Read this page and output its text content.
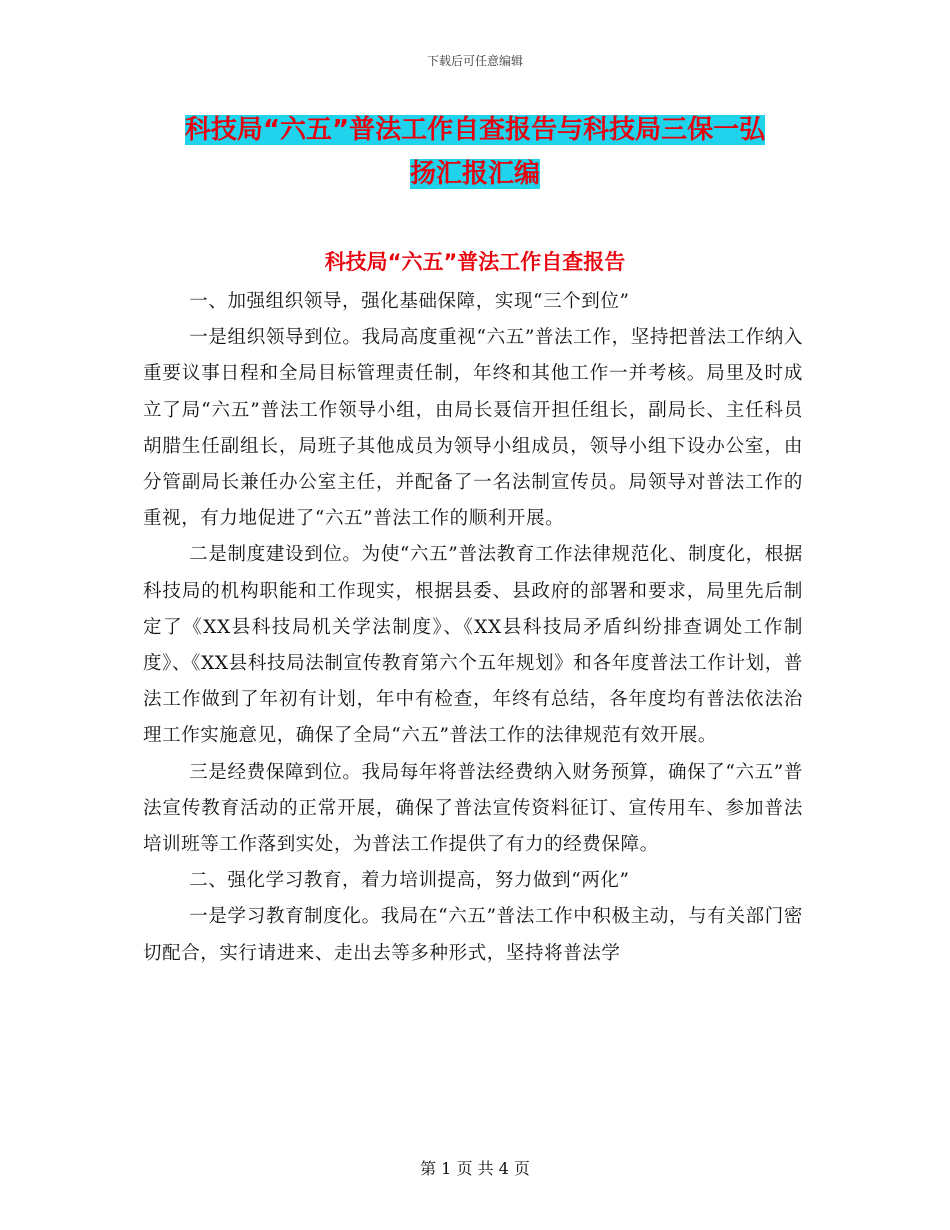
下载后可任意编辑
科技局“六五”普法工作自查报告与科技局三保一弘
扬汇报汇编
科技局“六五”普法工作自查报告

一、加强组织领导，强化基础保障，实现“三个到位”

一是组织领导到位。我局高度重视“六五”普法工作，坚持把普法工作纳入重要议事日程和全局目标管理责任制，年终和其他工作一并考核。局里及时成立了局“六五”普法工作领导小组，由局长聂信开担任组长，副局长、主任科员胡腊生任副组长，局班子其他成员为领导小组成员，领导小组下设办公室，由分管副局长兼任办公室主任，并配备了一名法制宣传员。局领导对普法工作的重视，有力地促进了“六五”普法工作的顺利开展。

二是制度建设到位。为使“六五”普法教育工作法律规范化、制度化，根据科技局的机构职能和工作现实，根据县委、县政府的部署和要求，局里先后制定了《XX县科技局机关学法制度》、《XX县科技局矛盾纠纷排查调处工作制度》、《XX县科技局法制宣传教育第六个五年规划》和各年度普法工作计划，普法工作做到了年初有计划，年中有检查，年终有总结，各年度均有普法依法治理工作实施意见，确保了全局“六五”普法工作的法律规范有效开展。

三是经费保障到位。我局每年将普法经费纳入财务预算，确保了“六五”普法宣传教育活动的正常开展，确保了普法宣传资料征订、宣传用车、参加普法培训班等工作落到实处，为普法工作提供了有力的经费保障。

二、强化学习教育，着力培训提高，努力做到“两化”

一是学习教育制度化。我局在“六五”普法工作中积极主动，与有关部门密切配合，实行请进来、走出去等多种形式，坚持将普法学

第 1 页 共 4 页
